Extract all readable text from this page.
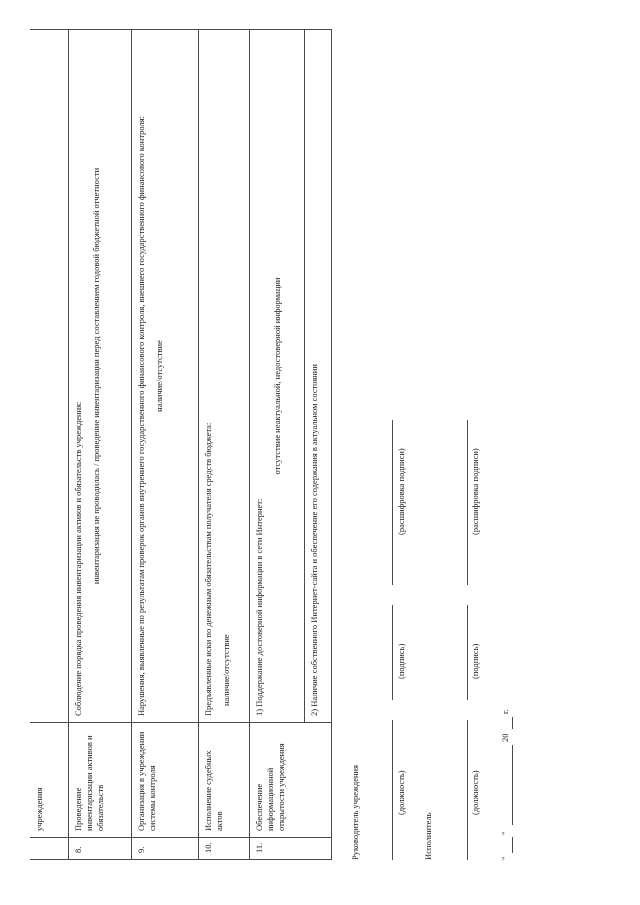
	учреждения	
8.	Проведение инвентаризации активов и обязательств	Соблюдение порядка проведения инвентаризации активов и обязательств учреждения: инвентаризация не проводилась / проведение инвентаризации перед составлением годовой бюджетной отчетности

9.	Организация в учреждении системы контроля	Нарушения, выявленные по результатам проверок органов внутреннего государственного финансового контроля, внешнего государственного финансового контроля: наличие/отсутствие

10.	Исполнение судебных актов	Предъявленные иски по денежным обязательствам получателя средств бюджета: наличие/отсутствие

11.	Обеспечение информационной открытости учреждения	1) Поддержание достоверной информации в сети Интернет:
отсутствие неактуальной, недостоверной информации

		2) Наличие собственного Интернет-сайта и обеспечение его содержания в актуальном состоянии
Руководитель учреждения	(должность)
(подпись)
(расшифровка подписи)
Исполнитель
(должность)
(подпись)
(расшифровка подписи)
"
"
20
г.
